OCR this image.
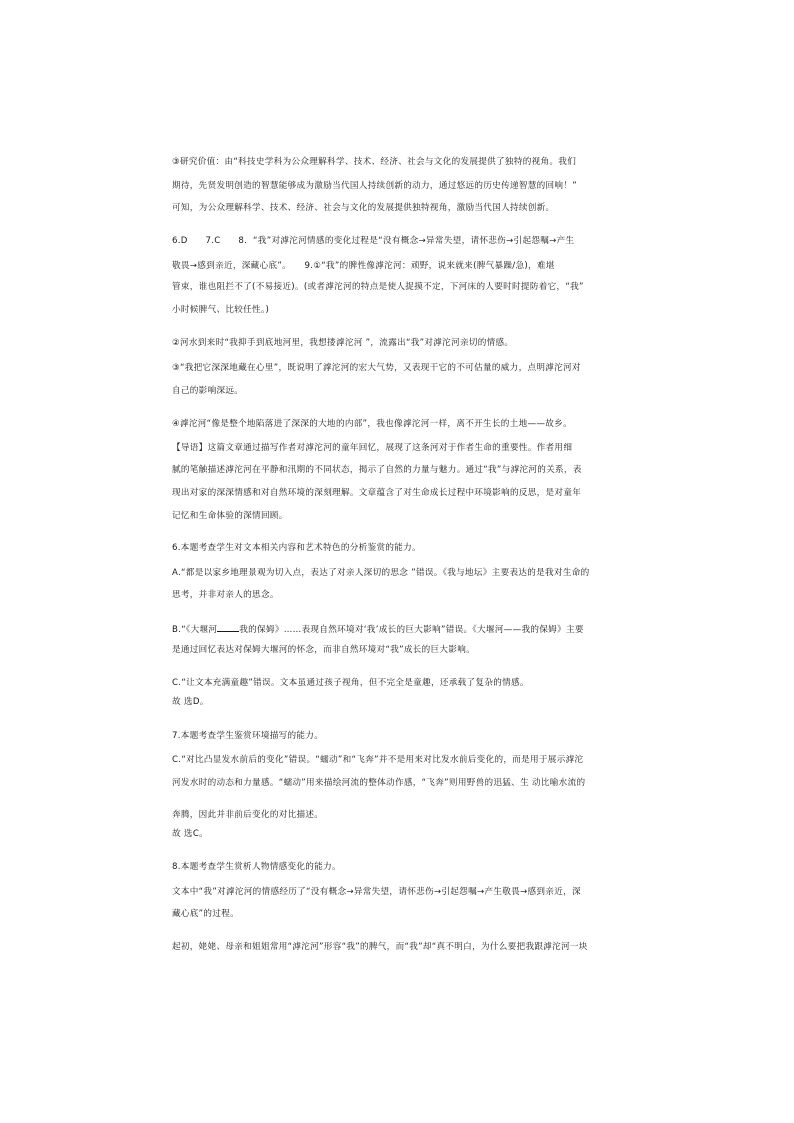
③研究价值：由“科技史学科为公众理解科学、技术、经济、社会与文化的发展提供了独特的视角。我们
期待，先贤发明创造的智慧能够成为激励当代国人持续创新的动力，通过悠远的历史传递智慧的回响！”
可知，为公众理解科学、技术、经济、社会与文化的发展提供独特视角，激励当代国人持续创新。
6.D　　7.C　　8．“我”对滹沱河情感的变化过程是“没有概念→异常失望，请怀悲伤→引起怨嘱→产生
敬畏→感到亲近，深藏心底”。　　9.①“我”的脾性像滹沱河：顽野，说来就来(脾气暴躁/急)，难堪
管束，谁也阻拦不了(不易接近)。(或者滹沱河的特点是使人捉摸不定，下河床的人要时时提防着它，“我”
小时候脾气、比较任性。)
②河水到来时“我抑手到底地河里，我想搂滹沱河 ”，流露出“我”对滹沱河亲切的情感。
③“我把它深深地藏在心里”，既说明了滹沱河的宏大气势，又表现干它的不可估量的威力，点明滹沱河对
自己的影响深远。
④滹沱河“像是整个地陷落进了深深的大地的内部”，我也像滹沱河一样，离不开生长的土地——故乡。
【导语】这篇文章通过描写作者对滹沱河的童年回忆，展现了这条河对于作者生命的重要性。作者用细
腻的笔触描述滹沱河在平静和汛期的不同状态，揭示了自然的力量与魅力。通过“我”与滹沱河的关系，表
现出对家的深深情感和对自然环境的深刻理解。文章蕴含了对生命成长过程中环境影响的反思，是对童年
记忆和生命体验的深情回顾。
6.本题考查学生对文本相关内容和艺术特色的分析鉴赏的能力。
A.“都是以家乡地理景观为切入点，表达了对亲人深切的思念 ”错误。《我与地坛》主要表达的是我对生命的
思考，并非对亲人的思念。
B.“《大堰河	我的保姆》……表现自然环境对‘我’成长的巨大影响”错误。《大堰河——我的保姆》主要
是通过回忆表达对保姆大堰河的怀念，而非自然环境对“我”成长的巨大影响。
C.“让文本充满童趣”错误。文本虽通过孩子视角，但不完全是童趣，还承载了复杂的情感。
故 选D。
7.本题考查学生鉴赏环境描写的能力。
C.“对比凸显发水前后的变化”错误。“蠕动”和“飞奔”并不是用来对比发水前后变化的，而是用于展示滹沱
河发水时的动态和力量感。“蠕动”用来描绘河流的整体动作感，“飞奔”则用野兽的迅猛、生 动比喻水流的
奔腾，因此并非前后变化的对比描述。
故 选C。
8.本题考查学生赏析人物情感变化的能力。
文本中“我”对滹沱河的情感经历了“没有概念→异常失望，请怀悲伤→引起怨嘱→产生敬畏→感到亲近，深
藏心底”的过程。
起初，姥姥、母亲和姐姐常用“滹沱河”形容“我”的脾气，而“我”却“真不明白，为什么要把我跟滹沱河一块
